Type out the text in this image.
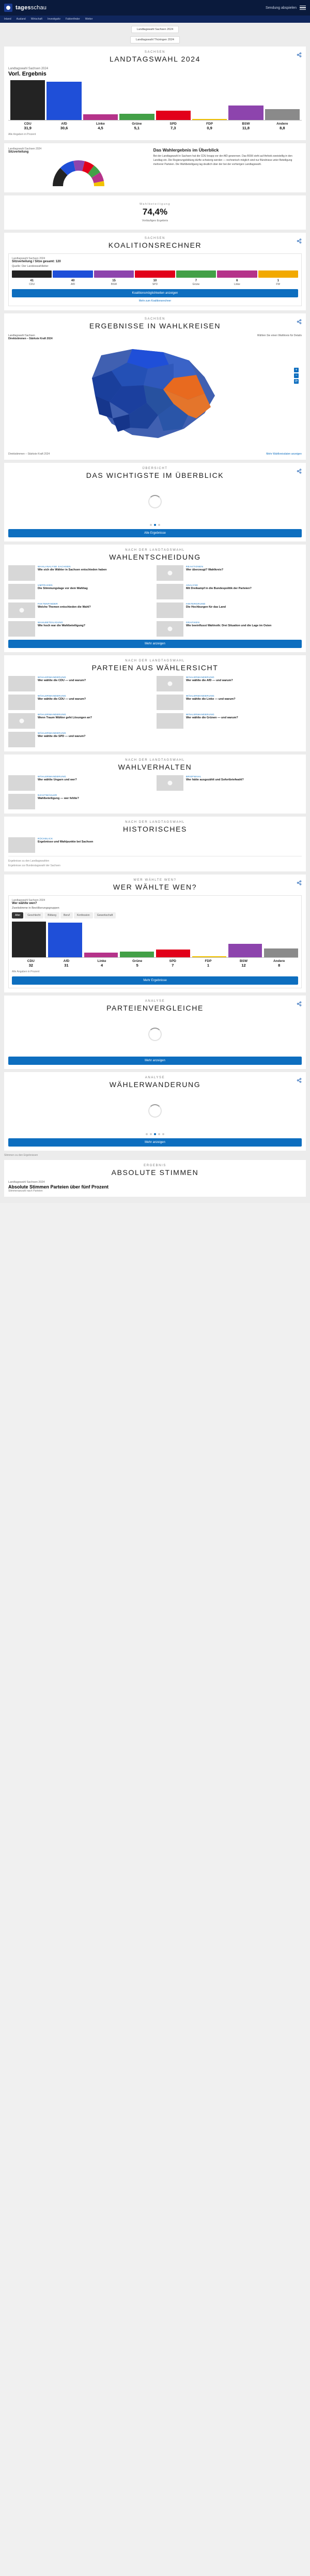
tagesschau	Sendung abspielen
Inland Ausland Wirtschaft Investigativ Faktenfinder Wetter
Landtagswahl Sachsen 2024
Landtagswahl Thüringen 2024
SACHSEN
LANDTAGSWAHL 2024
Landtagswahl Sachsen 2024
Vorl. Ergebnis
CDU
31,9
AfD
30,6
Linke
4,5
Grüne
5,1
SPD
7,3
FDP
0,9
BSW
11,8
Andere
8,8
Alle Angaben in Prozent
Landtagswahl Sachsen 2024
Sitzverteilung	Das Wahlergebnis im Überblick
Bei der Landtagswahl in Sachsen hat die CDU knapp vor der AfD gewonnen. Das BSW zieht auf Anhieb zweistellig in den Landtag ein. Die Regierungsbildung dürfte schwierig werden — rechnerisch möglich sind nur Bündnisse unter Beteiligung mehrerer Parteien. Die Wahlbeteiligung lag deutlich über der bei der vorherigen Landtagswahl.
Wahlbeteiligung
74,4%
Vorläufiges Ergebnis
SACHSEN
KOALITIONSRECHNER
Landtagswahl Sachsen 2024
Sitzverteilung / Sitze gesamt: 120
Quelle: Der Landeswahlleiter
41	40	15	10	7	6	1
CDU	AfD	BSW	SPD	Grüne	Linke	FW
Koalitionsmöglichkeiten anzeigen
Mehr zum Koalitionsrechner
SACHSEN
ERGEBNISSE IN WAHLKREISEN
Landtagswahl Sachsen
Direktstimmen – Stärkste Kraft 2024
Wählen Sie einen Wahlkreis für Details
+
−
⟳
Direktstimmen – Stärkste Kraft 2024	Mehr Wahlkreisdaten anzeigen
ÜBERSICHT
DAS WICHTIGSTE IM ÜBERBLICK
Alle Ergebnisse
NACH DER LANDTAGSWAHL
WAHLENTSCHEIDUNG
WAHLANALYSE SACHSEN
Wie sich die Wähler in Sachsen entschieden haben
REAKTIONEN
Wer überzeugt? Wahlkreis?
UMFRAGEN
Die Stimmungslage vor dem Wahltag
ANALYSE
Mit Dreikampf in die Bundespolitik der Parteien?
FAKTENFINDER
Welche Themen entschieden die Wahl?
HINTERGRUND
Die Hochburgen für das Land
WAHLBETEILIGUNG
Wie hoch war die Wahlbeteiligung?
GRAFIKEN
Wie beeinflusst Wahlvolk: Drei Situation und die Lage im Osten
Mehr anzeigen
NACH DER LANDTAGSWAHL
PARTEIEN AUS WÄHLERSICHT
WÄHLERWANDERUNG
Wer wählte die CDU — und warum?
WÄHLERWANDERUNG
Wer wählte die AfD — und warum?
WÄHLERWANDERUNG
Wer wählte die CDU — und warum?
WÄHLERWANDERUNG
Wer wählte die Linke — und warum?
WÄHLERWANDERUNG
Wenn Traum Wähler geht Lösungen an?
WÄHLERWANDERUNG
Wer wählte die Grünen — und warum?
WÄHLERWANDERUNG
Wer wählte die SPD — und warum?
NACH DER LANDTAGSWAHL
WAHLVERHALTEN
WÄHLERWANDERUNG
Wer wählte Ungarn und wer?
BRIEFWAHL
Wer hätte ausgezählt und Sofortbriefwahl?
NICHTWÄHLER
Wahlbeteiligung — wer fehlte?
NACH DER LANDTAGSWAHL
HISTORISCHES
RÜCKBLICK
Ergebnisse und Wahlpunkte bei Sachsen
Ergebnisse zu den Landtagswahlen
Ergebnisse zur Bundestagswahl der Sachsen
WER WÄHLTE WEN?
WER WÄHLTE WEN?
Landtagswahl Sachsen 2024
Wer wählte wen?
Zweitstimme in Bevölkerungsgruppen
Alter	Geschlecht	Bildung	Beruf	Konfession	Gewerkschaft
CDU
32
AfD
31
Linke
4
Grüne
5
SPD
7
FDP
1
BSW
12
Andere
8
Alle Angaben in Prozent
Mehr Ergebnisse
ANALYSE
PARTEIENVERGLEICHE
Mehr anzeigen
ANALYSE
WÄHLERWANDERUNG
Mehr anzeigen
Stimmen zu den Ergebnissen
ERGEBNIS
ABSOLUTE STIMMEN
Landtagswahl Sachsen 2024
Absolute Stimmen Parteien über fünf Prozent
Stimmenanzahl nach Parteien
